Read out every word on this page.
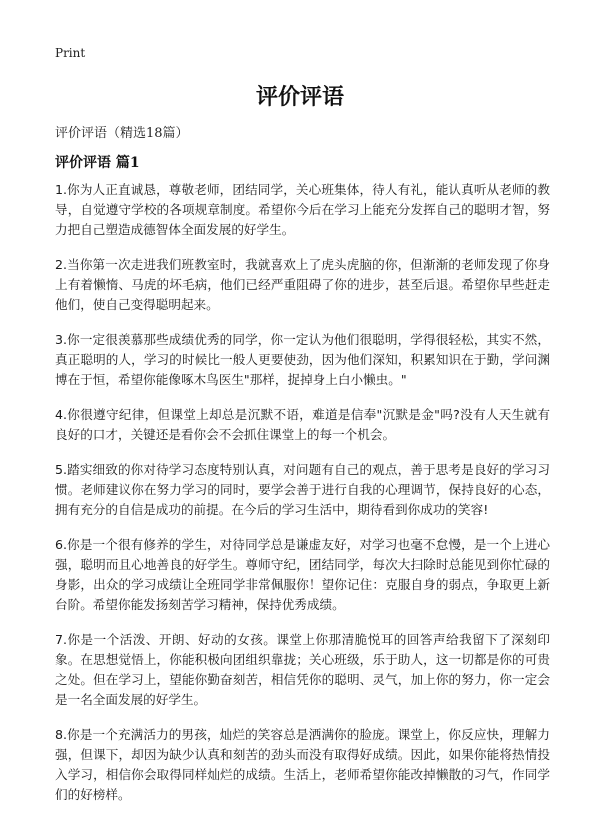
Print
评价评语
评价评语（精选18篇）
评价评语 篇1

1.你为人正直诚恳，尊敬老师，团结同学，关心班集体，待人有礼，能认真听从老师的教导，自觉遵守学校的各项规章制度。希望你今后在学习上能充分发挥自己的聪明才智，努力把自己塑造成德智体全面发展的好学生。

2.当你第一次走进我们班教室时，我就喜欢上了虎头虎脑的你，但渐渐的老师发现了你身上有着懒惰、马虎的坏毛病，他们已经严重阻碍了你的进步，甚至后退。希望你早些赶走他们，使自己变得聪明起来。

3.你一定很羡慕那些成绩优秀的同学，你一定认为他们很聪明，学得很轻松，其实不然，真正聪明的人，学习的时候比一般人更要使劲，因为他们深知，积累知识在于勤，学问渊博在于恒，希望你能像啄木鸟医生"那样，捉掉身上白小懒虫。"

4.你很遵守纪律，但课堂上却总是沉默不语，难道是信奉"沉默是金"吗?没有人天生就有良好的口才，关键还是看你会不会抓住课堂上的每一个机会。

5.踏实细致的你对待学习态度特别认真，对问题有自己的观点，善于思考是良好的学习习惯。老师建议你在努力学习的同时，要学会善于进行自我的心理调节，保持良好的心态，拥有充分的自信是成功的前提。在今后的学习生活中，期待看到你成功的笑容!

6.你是一个很有修养的学生，对待同学总是谦虚友好，对学习也毫不怠慢，是一个上进心强，聪明而且心地善良的好学生。尊师守纪，团结同学，每次大扫除时总能见到你忙碌的身影，出众的学习成绩让全班同学非常佩服你！望你记住：克服自身的弱点，争取更上新台阶。希望你能发扬刻苦学习精神，保持优秀成绩。

7.你是一个活泼、开朗、好动的女孩。课堂上你那清脆悦耳的回答声给我留下了深刻印象。在思想觉悟上，你能积极向团组织靠拢；关心班级，乐于助人，这一切都是你的可贵之处。但在学习上，望能你勤奋刻苦，相信凭你的聪明、灵气，加上你的努力，你一定会是一名全面发展的好学生。

8.你是一个充满活力的男孩，灿烂的笑容总是洒满你的脸庞。课堂上，你反应快，理解力强，但课下，却因为缺少认真和刻苦的劲头而没有取得好成绩。因此，如果你能将热情投入学习，相信你会取得同样灿烂的成绩。生活上，老师希望你能改掉懒散的习气，作同学们的好榜样。
